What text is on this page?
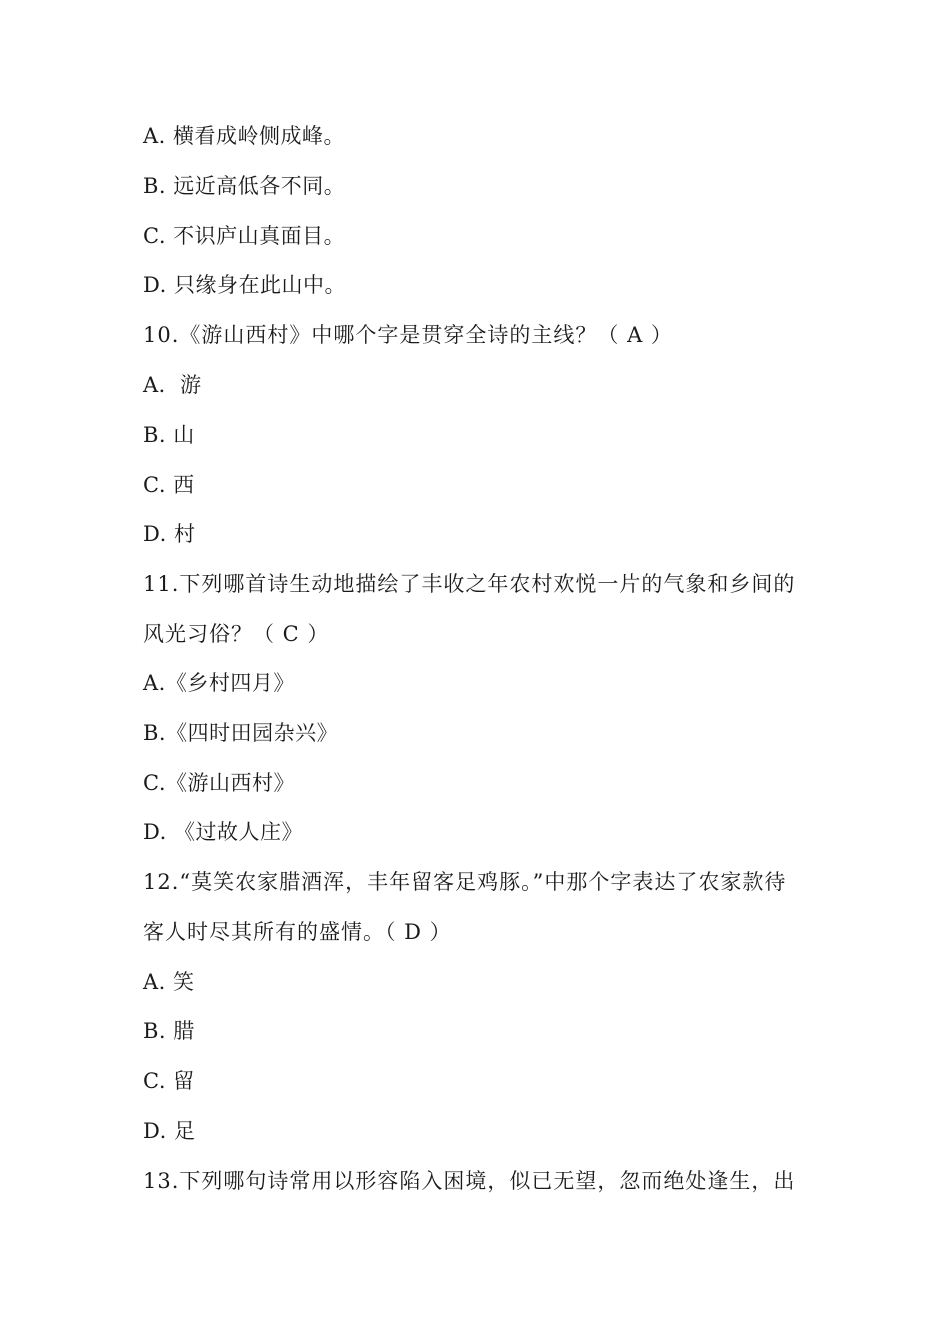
A. 横看成岭侧成峰。
B. 远近高低各不同。
C. 不识庐山真面目。
D. 只缘身在此山中。
10.《游山西村》中哪个字是贯穿全诗的主线？（ A ）
A．游
B. 山
C. 西
D. 村
11.下列哪首诗生动地描绘了丰收之年农村欢悦一片的气象和乡间的
风光习俗？（ C ）
A.《乡村四月》
B.《四时田园杂兴》
C.《游山西村》
D. 《过故人庄》
12.“莫笑农家腊酒浑，丰年留客足鸡豚。”中那个字表达了农家款待
客人时尽其所有的盛情。（ D ）
A. 笑
B. 腊
C. 留
D. 足
13.下列哪句诗常用以形容陷入困境，似已无望，忽而绝处逢生，出
